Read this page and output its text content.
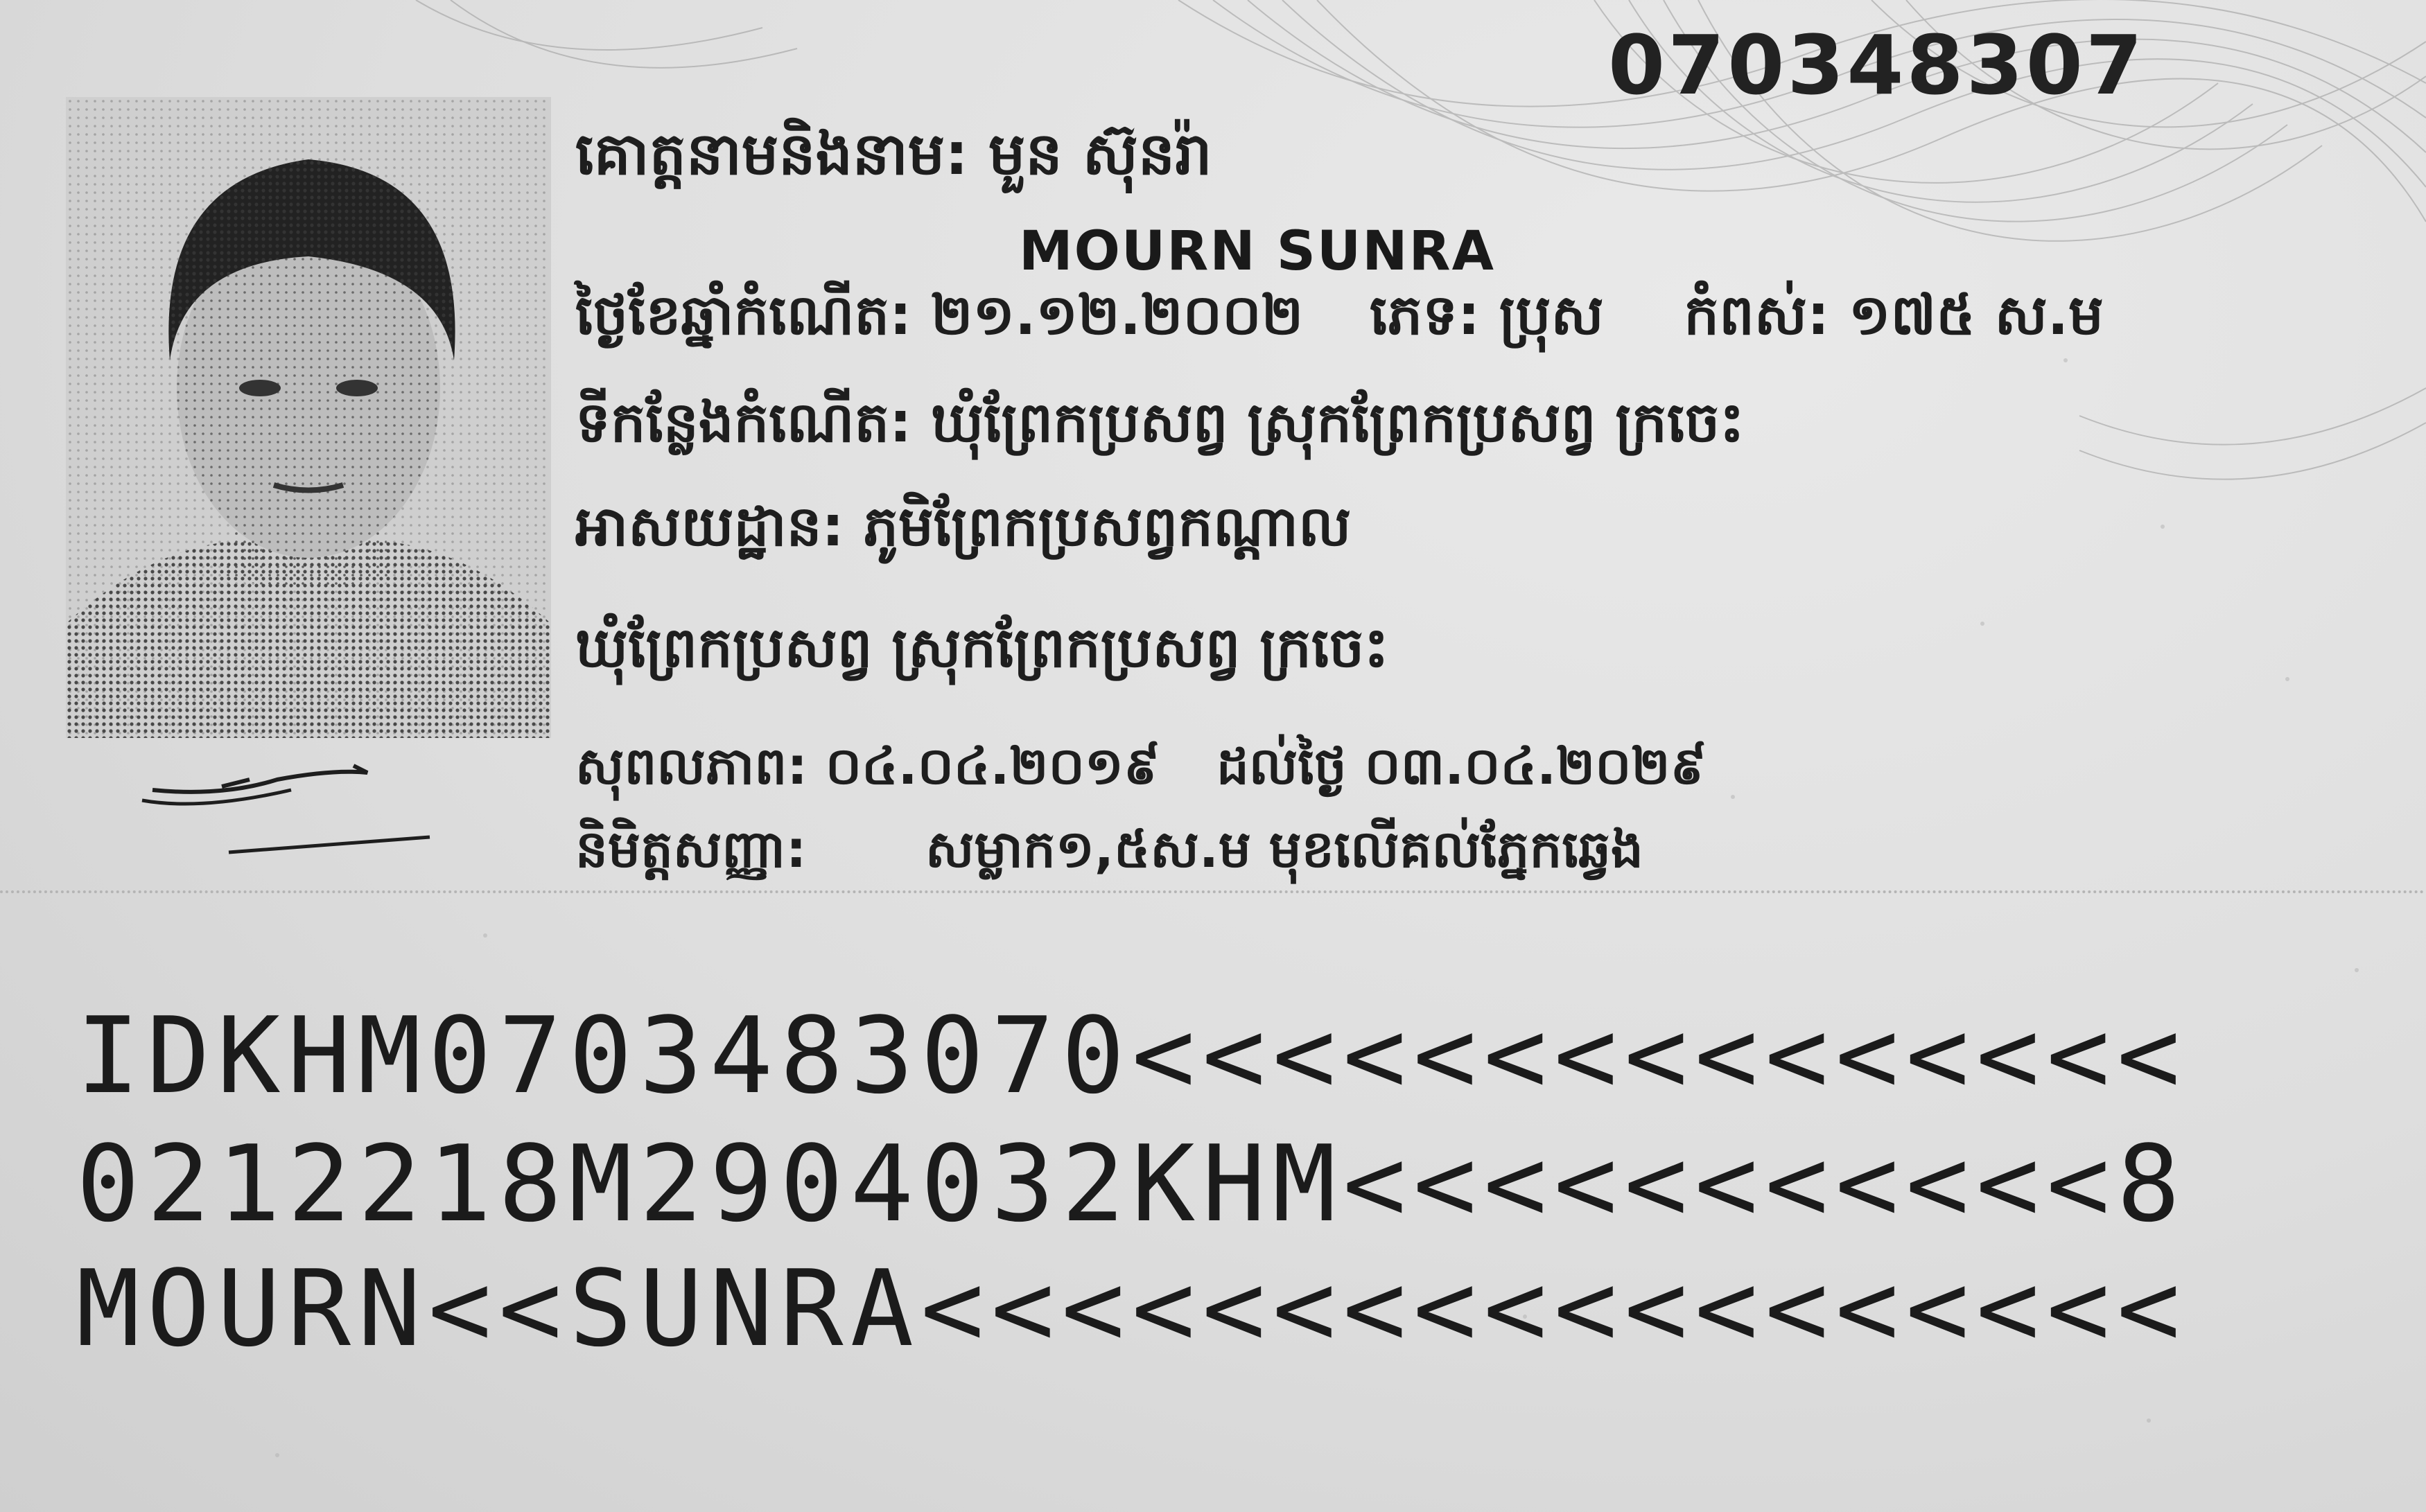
070348307
គោត្តនាមនិងនាម: មួន ស៊ុនរ៉ា
MOURN SUNRA
ថ្ងៃខែឆ្នាំកំណើត: ២១.១២.២០០២ ភេទ: ប្រុស កំពស់: ១៧៥ ស.ម
ទីកន្លែងកំណើត: ឃុំព្រែកប្រសព្វ ស្រុកព្រែកប្រសព្វ ក្រចេះ
អាសយដ្ឋាន: ភូមិព្រែកប្រសព្វកណ្តាល
ឃុំព្រែកប្រសព្វ ស្រុកព្រែកប្រសព្វ ក្រចេះ
សុពលភាព: ០៤.០៤.២០១៩ ដល់ថ្ងៃ ០៣.០៤.២០២៩
និមិត្តសញ្ញា: សម្លាក១,៥ស.ម មុខលើគល់ភ្នែកឆ្វេង
IDKHM0703483070<<<<<<<<<<<<<<<
0212218M2904032KHM<<<<<<<<<<<8
MOURN<<SUNRA<<<<<<<<<<<<<<<<<<
